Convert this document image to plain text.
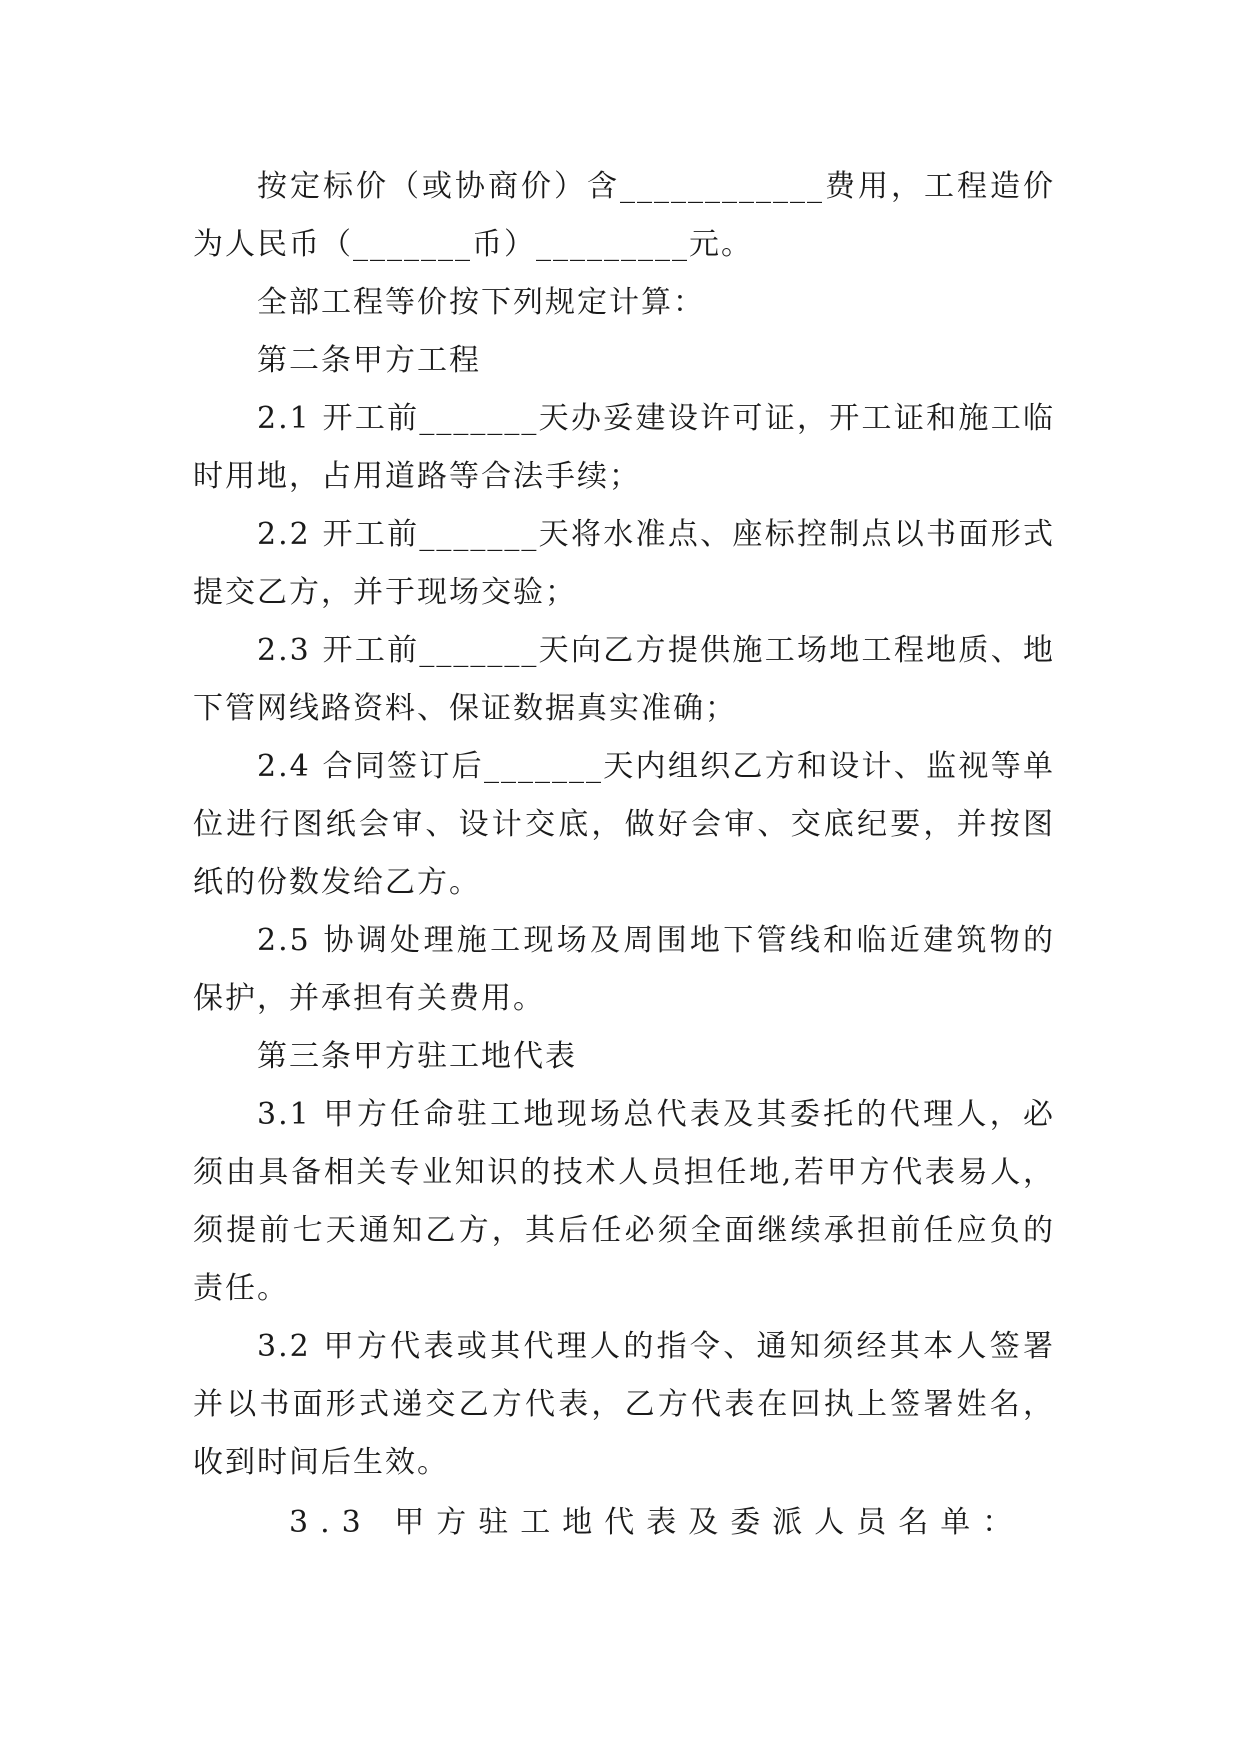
按定标价（或协商价）含____________费用，工程造价为人民币（_______币）_________元。

全部工程等价按下列规定计算：

第二条甲方工程

2.1 开工前_______天办妥建设许可证，开工证和施工临时用地，占用道路等合法手续；

2.2 开工前_______天将水准点、座标控制点以书面形式提交乙方，并于现场交验；

2.3 开工前_______天向乙方提供施工场地工程地质、地下管网线路资料、保证数据真实准确；

2.4 合同签订后_______天内组织乙方和设计、监视等单位进行图纸会审、设计交底，做好会审、交底纪要，并按图纸的份数发给乙方。

2.5 协调处理施工现场及周围地下管线和临近建筑物的保护，并承担有关费用。

第三条甲方驻工地代表

3.1 甲方任命驻工地现场总代表及其委托的代理人，必须由具备相关专业知识的技术人员担任地,若甲方代表易人，须提前七天通知乙方，其后任必须全面继续承担前任应负的责任。

3.2 甲方代表或其代理人的指令、通知须经其本人签署并以书面形式递交乙方代表，乙方代表在回执上签署姓名，收到时间后生效。

3.3 甲方驻工地代表及委派人员名单：
